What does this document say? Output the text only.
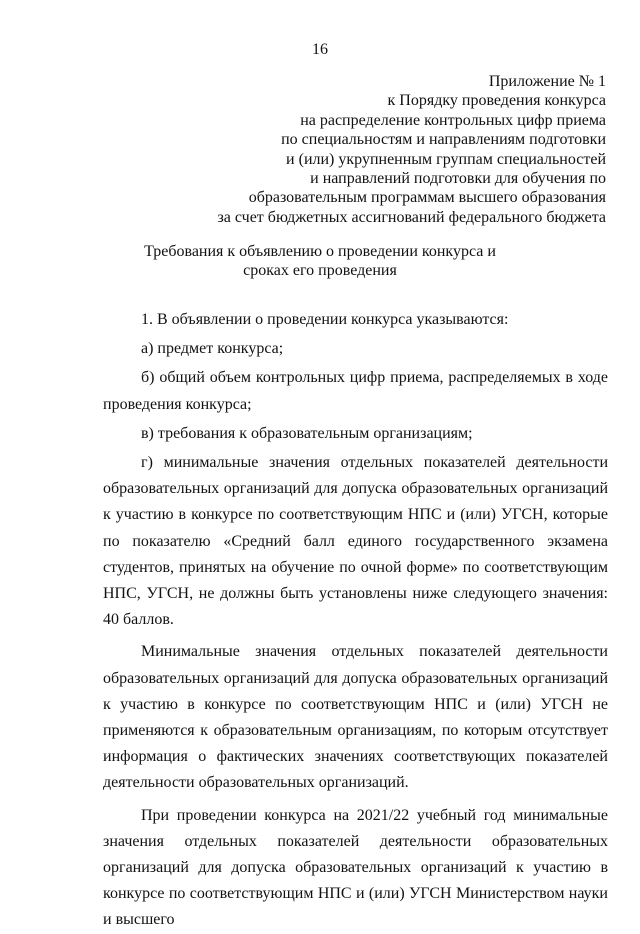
16
Приложение № 1
к Порядку проведения конкурса
на распределение контрольных цифр приема
по специальностям и направлениям подготовки
и (или) укрупненным группам специальностей
и направлений подготовки для обучения по
образовательным программам высшего образования
за счет бюджетных ассигнований федерального бюджета
Требования к объявлению о проведении конкурса и
сроках его проведения

1. В объявлении о проведении конкурса указываются:

а) предмет конкурса;

б) общий объем контрольных цифр приема, распределяемых в ходе проведения конкурса;

в) требования к образовательным организациям;

г) минимальные значения отдельных показателей деятельности образовательных организаций для допуска образовательных организаций к участию в конкурсе по соответствующим НПС и (или) УГСН, которые по показателю «Средний балл единого государственного экзамена студентов, принятых на обучение по очной форме» по соответствующим НПС, УГСН, не должны быть установлены ниже следующего значения: 40 баллов.

Минимальные значения отдельных показателей деятельности образовательных организаций для допуска образовательных организаций к участию в конкурсе по соответствующим НПС и (или) УГСН не применяются к образовательным организациям, по которым отсутствует информация о фактических значениях соответствующих показателей деятельности образовательных организаций.

При проведении конкурса на 2021/22 учебный год минимальные значения отдельных показателей деятельности образовательных организаций для допуска образовательных организаций к участию в конкурсе по соответствующим НПС и (или) УГСН Министерством науки и высшего
